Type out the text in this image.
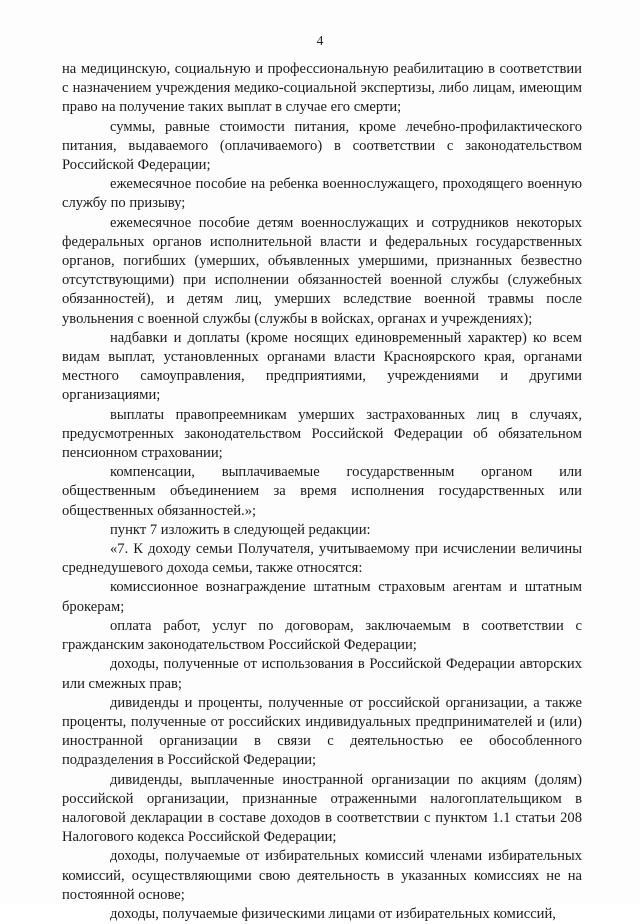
4

на медицинскую, социальную и профессиональную реабилитацию в соответствии с назначением учреждения медико-социальной экспертизы, либо лицам, имеющим право на получение таких выплат в случае его смерти;

суммы, равные стоимости питания, кроме лечебно-профилактического питания, выдаваемого (оплачиваемого) в соответствии с законодательством Российской Федерации;

ежемесячное пособие на ребенка военнослужащего, проходящего военную службу по призыву;

ежемесячное пособие детям военнослужащих и сотрудников некоторых федеральных органов исполнительной власти и федеральных государственных органов, погибших (умерших, объявленных умершими, признанных безвестно отсутствующими) при исполнении обязанностей военной службы (служебных обязанностей), и детям лиц, умерших вследствие военной травмы после увольнения с военной службы (службы в войсках, органах и учреждениях);

надбавки и доплаты (кроме носящих единовременный характер) ко всем видам выплат, установленных органами власти Красноярского края, органами местного самоуправления, предприятиями, учреждениями и другими организациями;

выплаты правопреемникам умерших застрахованных лиц в случаях, предусмотренных законодательством Российской Федерации об обязательном пенсионном страховании;

компенсации, выплачиваемые государственным органом или общественным объединением за время исполнения государственных или общественных обязанностей.»;

пункт 7 изложить в следующей редакции:

«7. К доходу семьи Получателя, учитываемому при исчислении величины среднедушевого дохода семьи, также относятся:

комиссионное вознаграждение штатным страховым агентам и штатным брокерам;

оплата работ, услуг по договорам, заключаемым в соответствии с гражданским законодательством Российской Федерации;

доходы, полученные от использования в Российской Федерации авторских или смежных прав;

дивиденды и проценты, полученные от российской организации, а также проценты, полученные от российских индивидуальных предпринимателей и (или) иностранной организации в связи с деятельностью ее обособленного подразделения в Российской Федерации;

дивиденды, выплаченные иностранной организации по акциям (долям) российской организации, признанные отраженными налогоплательщиком в налоговой декларации в составе доходов в соответствии с пунктом 1.1 статьи 208 Налогового кодекса Российской Федерации;

доходы, получаемые от избирательных комиссий членами избирательных комиссий, осуществляющими свою деятельность в указанных комиссиях не на постоянной основе;

доходы, получаемые физическими лицами от избирательных комиссий,
